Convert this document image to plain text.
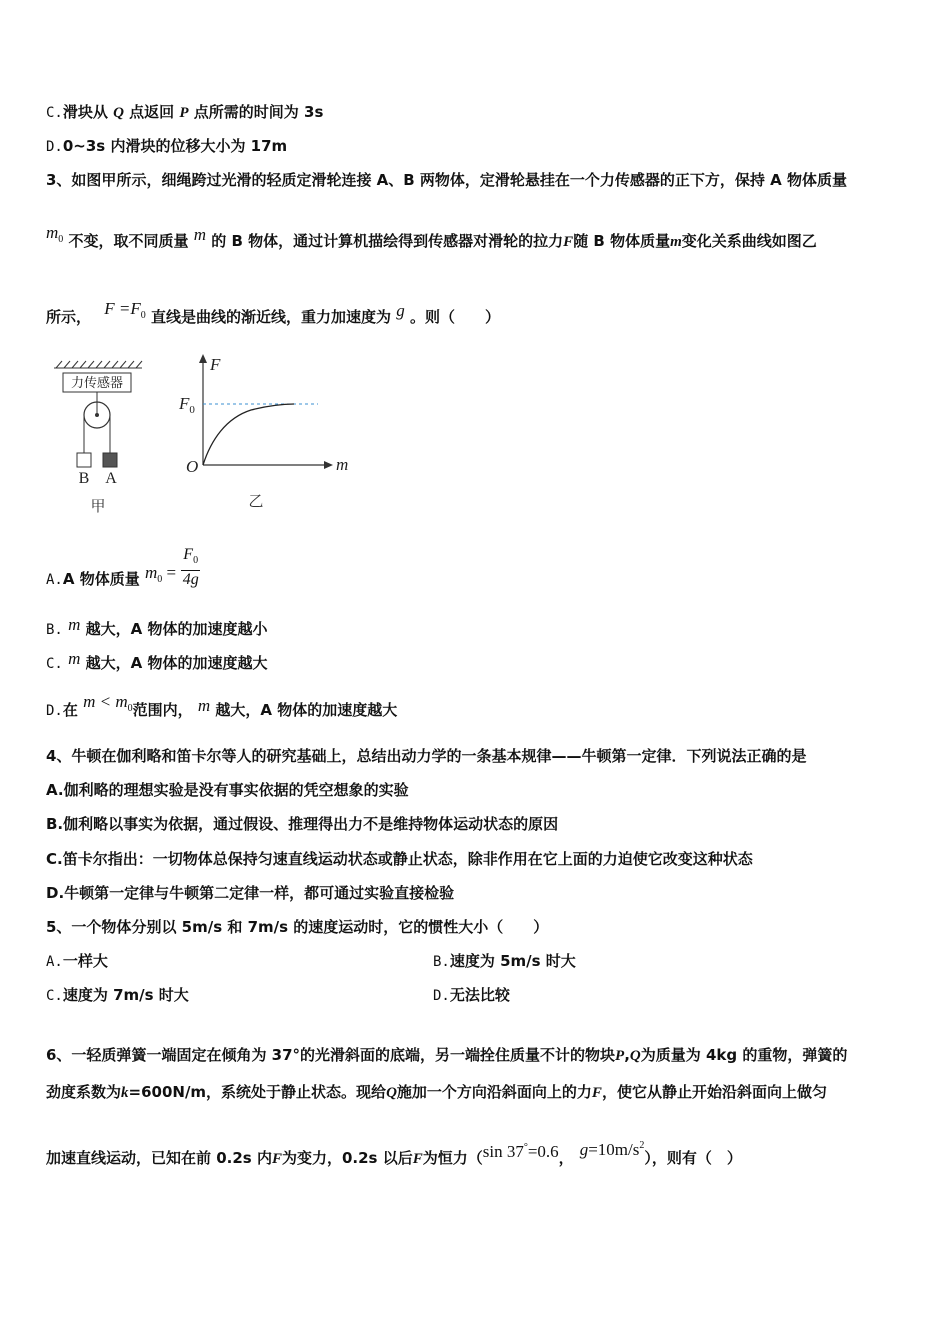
C.滑块从 Q 点返回 P 点所需的时间为 3s
D.0~3s 内滑块的位移大小为 17m
3、如图甲所示，细绳跨过光滑的轻质定滑轮连接 A、B 两物体，定滑轮悬挂在一个力传感器的正下方，保持 A 物体质量
$m_0$ 不变，取不同质量 m 的 B 物体，通过计算机描绘得到传感器对滑轮的拉力F随 B 物体质量m变化关系曲线如图乙
所示， $F =F_0$ 直线是曲线的渐近线，重力加速度为 g 。则（　　）
力传感器
B A
甲
F
m
O
$F_0$
乙
A.A 物体质量 $m_0 = \frac{F_0}{4g}$
B. m 越大，A 物体的加速度越小
C. m 越大，A 物体的加速度越大
D.在 $m < m_0$范围内， m 越大，A 物体的加速度越大
4、牛顿在伽利略和笛卡尔等人的研究基础上，总结出动力学的一条基本规律——牛顿第一定律．下列说法正确的是
A.伽利略的理想实验是没有事实依据的凭空想象的实验
B.伽利略以事实为依据，通过假设、推理得出力不是维持物体运动状态的原因
C.笛卡尔指出：一切物体总保持匀速直线运动状态或静止状态，除非作用在它上面的力迫使它改变这种状态
D.牛顿第一定律与牛顿第二定律一样，都可通过实验直接检验
5、一个物体分别以 5m/s 和 7m/s 的速度运动时，它的惯性大小（　　）
A.一样大	B.速度为 5m/s 时大
C.速度为 7m/s 时大	D.无法比较
6、一轻质弹簧一端固定在倾角为 37°的光滑斜面的底端，另一端拴住质量不计的物块P,Q为质量为 4kg 的重物，弹簧的
劲度系数为k=600N/m，系统处于静止状态。现给Q施加一个方向沿斜面向上的力F，使它从静止开始沿斜面向上做匀
加速直线运动，已知在前 0.2s 内F为变力，0.2s 以后F为恒力（sin 37°=0.6， $g=10m/s^2$），则有（　）
